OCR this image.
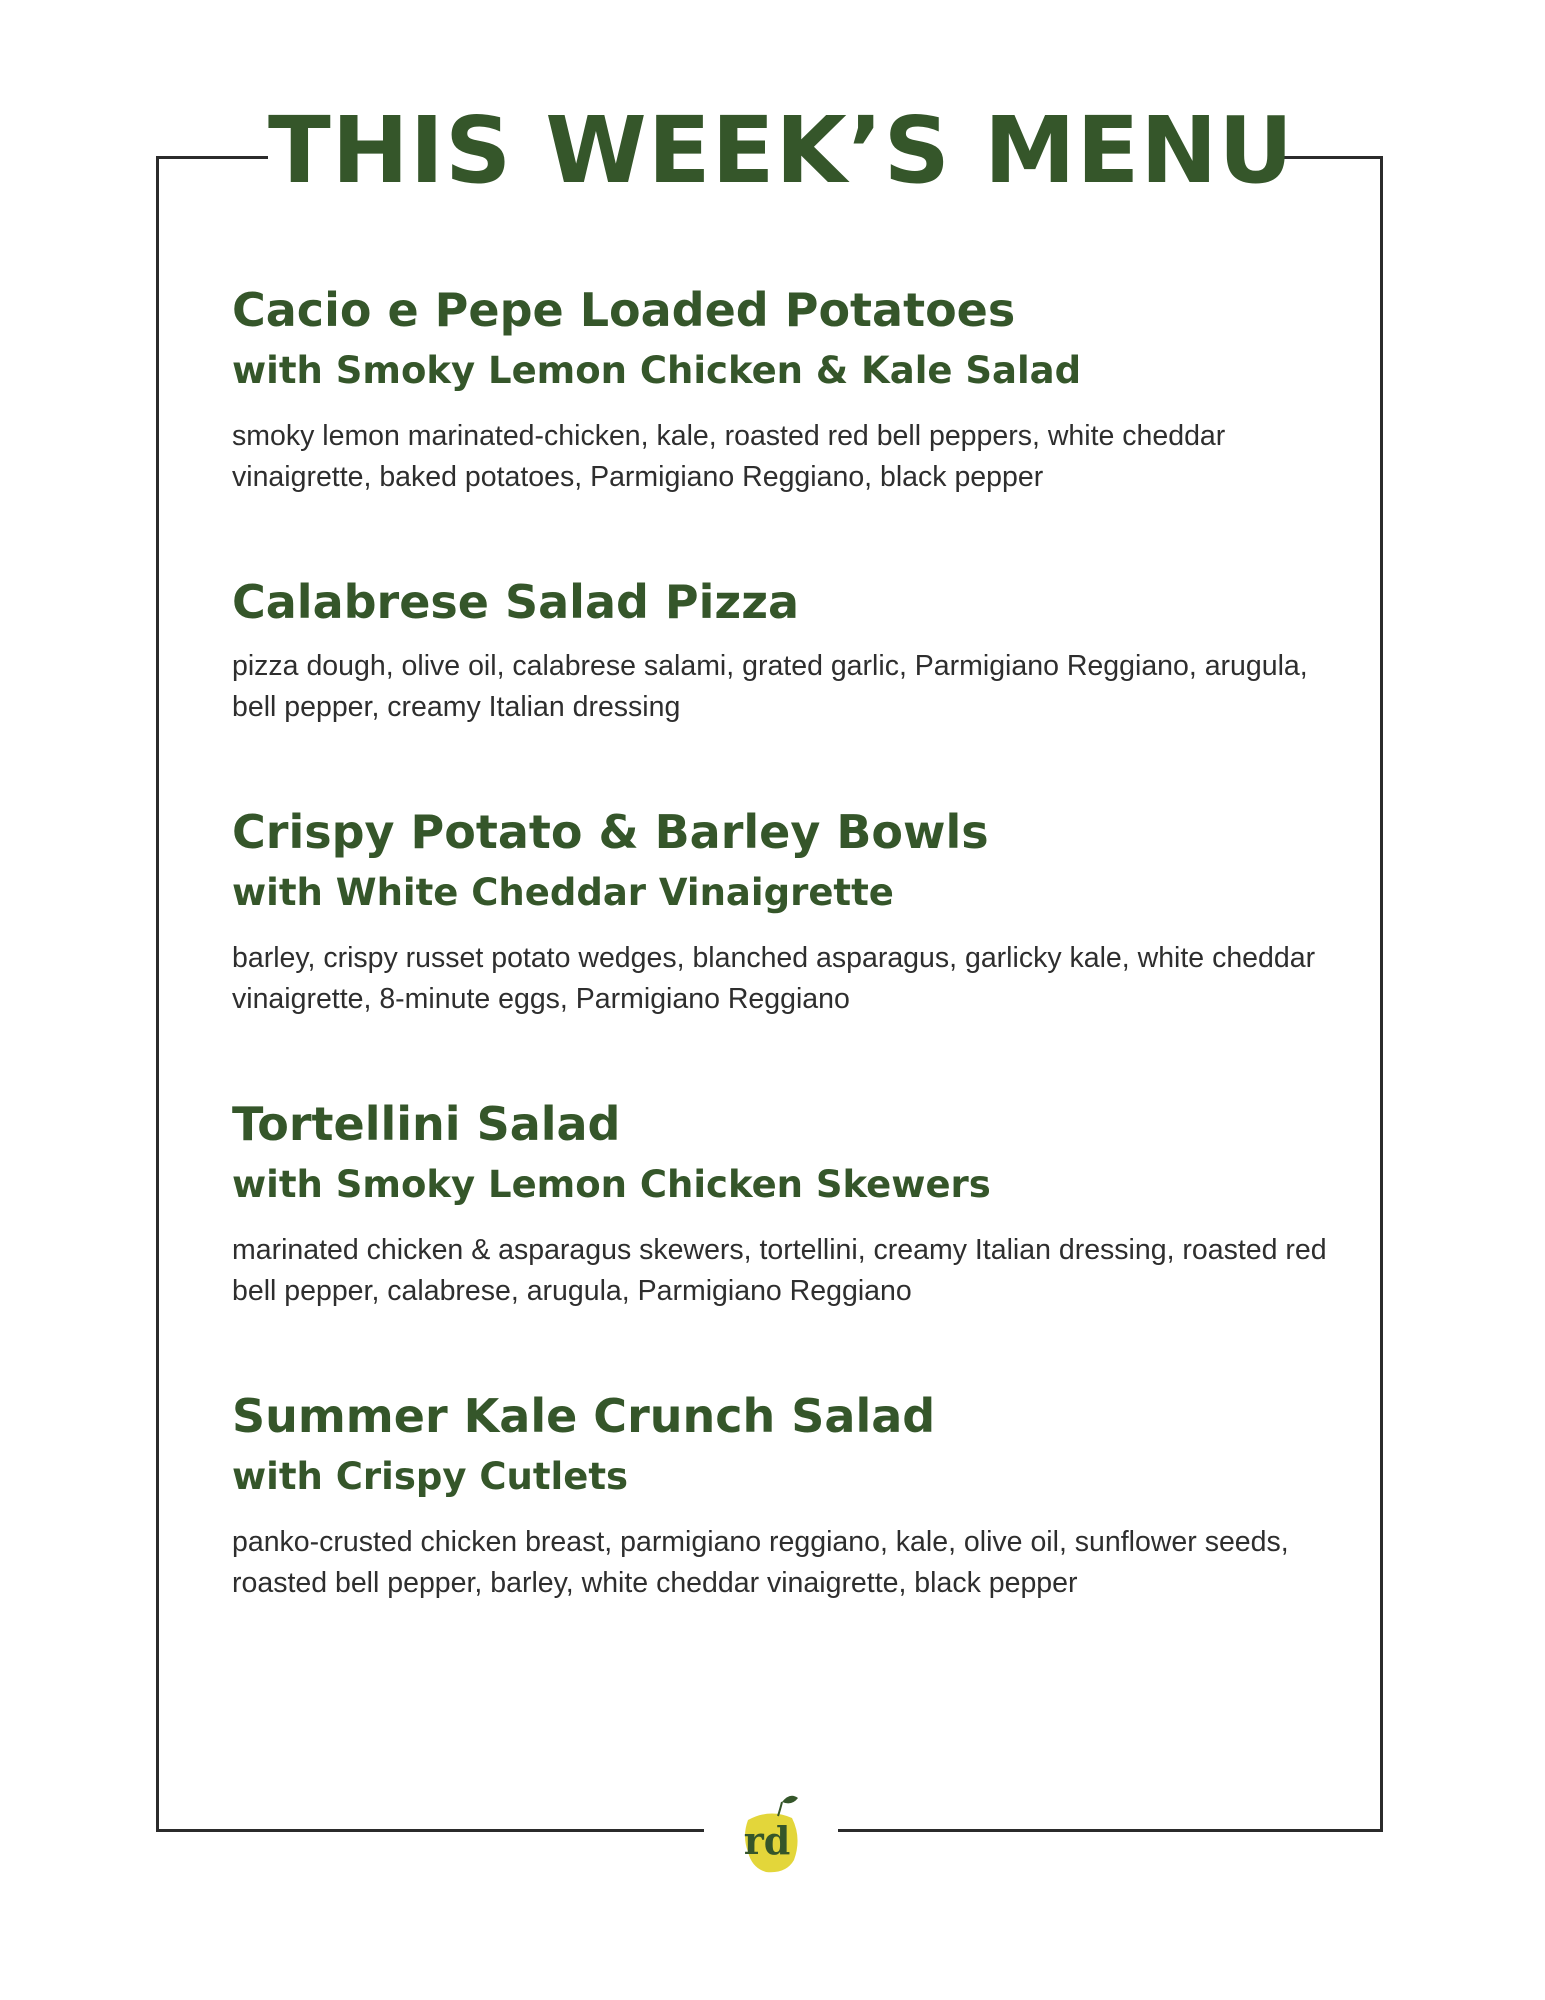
THIS WEEK’S MENU
Cacio e Pepe Loaded Potatoes
with Smoky Lemon Chicken & Kale Salad

smoky lemon marinated-chicken, kale, roasted red bell peppers, white cheddar vinaigrette, baked potatoes, Parmigiano Reggiano, black pepper

Calabrese Salad Pizza

pizza dough, olive oil, calabrese salami, grated garlic, Parmigiano Reggiano, arugula, bell pepper, creamy Italian dressing

Crispy Potato & Barley Bowls
with White Cheddar Vinaigrette

barley, crispy russet potato wedges, blanched asparagus, garlicky kale, white cheddar vinaigrette, 8-minute eggs, Parmigiano Reggiano

Tortellini Salad
with Smoky Lemon Chicken Skewers

marinated chicken & asparagus skewers, tortellini, creamy Italian dressing, roasted red bell pepper, calabrese, arugula, Parmigiano Reggiano

Summer Kale Crunch Salad
with Crispy Cutlets

panko-crusted chicken breast, parmigiano reggiano, kale, olive oil, sunflower seeds, roasted bell pepper, barley, white cheddar vinaigrette, black pepper

rd
